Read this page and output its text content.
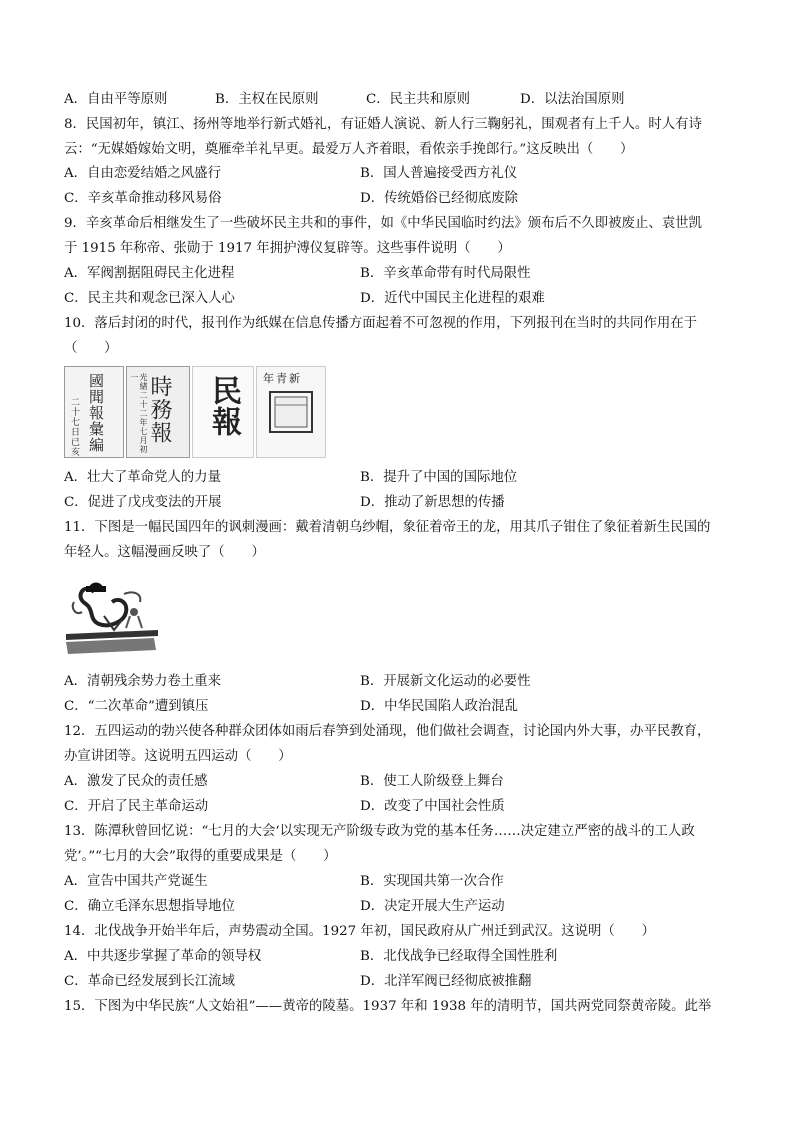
A．自由平等原则	B．主权在民原则	C．民主共和原则	D．以法治国原则
8．民国初年，镇江、扬州等地举行新式婚礼，有证婚人演说、新人行三鞠躬礼，围观者有上千人。时人有诗
云：“无媒婚嫁始文明，奠雁牵羊礼早更。最爱万人齐着眼，看侬亲手挽郎行。”这反映出（　　）
A．自由恋爱结婚之风盛行	B．国人普遍接受西方礼仪
C．辛亥革命推动移风易俗	D．传统婚俗已经彻底废除
9．辛亥革命后相继发生了一些破坏民主共和的事件，如《中华民国临时约法》颁布后不久即被废止、袁世凯
于 1915 年称帝、张勋于 1917 年拥护溥仪复辟等。这些事件说明（　　）
A．军阀割据阻碍民主化进程	B．辛亥革命带有时代局限性
C．民主共和观念已深入人心	D．近代中国民主化进程的艰难
10．落后封闭的时代，报刊作为纸媒在信息传播方面起着不可忽视的作用，下列报刊在当时的共同作用在于
（　　）
二十七日已亥 國聞報彙編	光緒二十二年七月初一 時務報 民報 年青新
A．壮大了革命党人的力量	B．提升了中国的国际地位
C．促进了戊戌变法的开展	D．推动了新思想的传播
11．下图是一幅民国四年的讽刺漫画：戴着清朝乌纱帽，象征着帝王的龙，用其爪子钳住了象征着新生民国的
年轻人。这幅漫画反映了（　　）
A．清朝残余势力卷土重来	B．开展新文化运动的必要性
C．“二次革命”遭到镇压	D．中华民国陷人政治混乱
12．五四运动的勃兴使各种群众团体如雨后春笋到处涌现，他们做社会调查，讨论国内外大事，办平民教育，
办宣讲团等。这说明五四运动（　　）
A．激发了民众的责任感	B．使工人阶级登上舞台
C．开启了民主革命运动	D．改变了中国社会性质
13．陈潭秋曾回忆说：“七月的大会‘以实现无产阶级专政为党的基本任务……决定建立严密的战斗的工人政
党’。”“七月的大会”取得的重要成果是（　　）
A．宣告中国共产党诞生	B．实现国共第一次合作
C．确立毛泽东思想指导地位	D．决定开展大生产运动
14．北伐战争开始半年后，声势震动全国。1927 年初，国民政府从广州迁到武汉。这说明（　　）
A．中共逐步掌握了革命的领导权	B．北伐战争已经取得全国性胜利
C．革命已经发展到长江流域	D．北洋军阀已经彻底被推翻
15．下图为中华民族“人文始祖”——黄帝的陵墓。1937 年和 1938 年的清明节，国共两党同祭黄帝陵。此举
